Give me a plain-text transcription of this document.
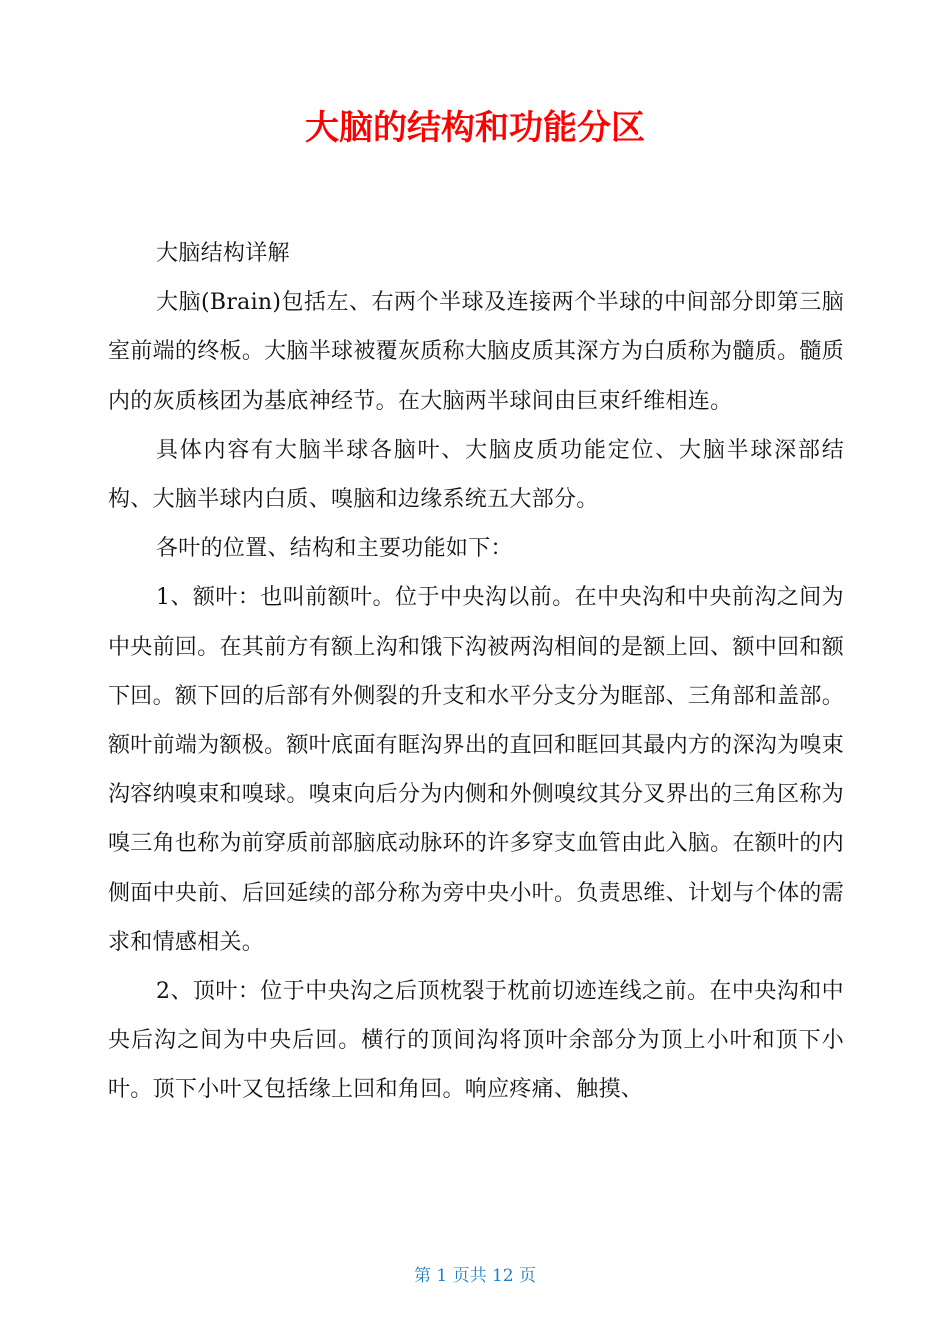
大脑的结构和功能分区

大脑结构详解

大脑(Brain)包括左、右两个半球及连接两个半球的中间部分即第三脑室前端的终板。大脑半球被覆灰质称大脑皮质其深方为白质称为髓质。髓质内的灰质核团为基底神经节。在大脑两半球间由巨束纤维相连。

具体内容有大脑半球各脑叶、大脑皮质功能定位、大脑半球深部结构、大脑半球内白质、嗅脑和边缘系统五大部分。

各叶的位置、结构和主要功能如下：

1、额叶：也叫前额叶。位于中央沟以前。在中央沟和中央前沟之间为中央前回。在其前方有额上沟和饿下沟被两沟相间的是额上回、额中回和额下回。额下回的后部有外侧裂的升支和水平分支分为眶部、三角部和盖部。额叶前端为额极。额叶底面有眶沟界出的直回和眶回其最内方的深沟为嗅束沟容纳嗅束和嗅球。嗅束向后分为内侧和外侧嗅纹其分叉界出的三角区称为嗅三角也称为前穿质前部脑底动脉环的许多穿支血管由此入脑。在额叶的内侧面中央前、后回延续的部分称为旁中央小叶。负责思维、计划与个体的需求和情感相关。

2、顶叶：位于中央沟之后顶枕裂于枕前切迹连线之前。在中央沟和中央后沟之间为中央后回。横行的顶间沟将顶叶余部分为顶上小叶和顶下小叶。顶下小叶又包括缘上回和角回。响应疼痛、触摸、

第 1 页共 12 页
